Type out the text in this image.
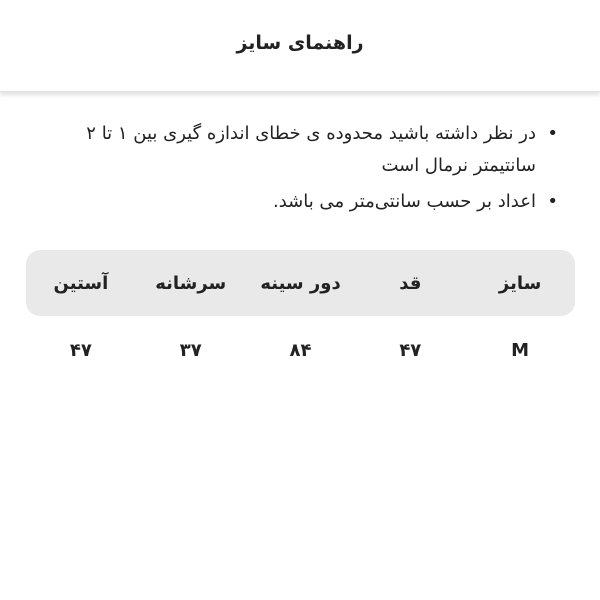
راهنمای سایز
•
در نظر داشته باشید محدوده ی خطای اندازه گیری بین ۱ تا ۲ سانتیمتر نرمال است
•
اعداد بر حسب سانتی‌متر می باشد.
سایز
قد
دور سینه
سرشانه
آستین
M
۴۷
۸۴
۳۷
۴۷
